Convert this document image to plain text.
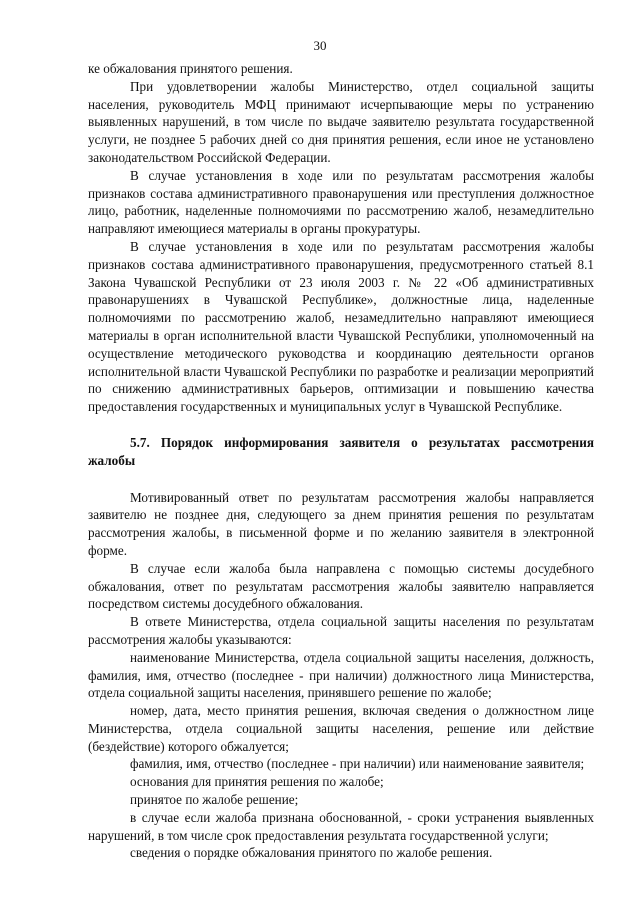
30

ке обжалования принятого решения.

При удовлетворении жалобы Министерство, отдел социальной защиты населения, руководитель МФЦ принимают исчерпывающие меры по устранению выявленных нарушений, в том числе по выдаче заявителю результата государственной услуги, не позднее 5 рабочих дней со дня принятия решения, если иное не установлено законодательством Российской Федерации.

В случае установления в ходе или по результатам рассмотрения жалобы признаков состава административного правонарушения или преступления должностное лицо, работник, наделенные полномочиями по рассмотрению жалоб, незамедлительно направляют имеющиеся материалы в органы прокуратуры.

В случае установления в ходе или по результатам рассмотрения жалобы признаков состава административного правонарушения, предусмотренного статьей 8.1 Закона Чувашской Республики от 23 июля 2003 г. № 22 «Об административных правонарушениях в Чувашской Республике», должностные лица, наделенные полномочиями по рассмотрению жалоб, незамедлительно направляют имеющиеся материалы в орган исполнительной власти Чувашской Республики, уполномоченный на осуществление методического руководства и координацию деятельности органов исполнительной власти Чувашской Республики по разработке и реализации мероприятий по снижению административных барьеров, оптимизации и повышению качества предоставления государственных и муниципальных услуг в Чувашской Республике.

5.7. Порядок информирования заявителя о результатах рассмотрения жалобы

Мотивированный ответ по результатам рассмотрения жалобы направляется заявителю не позднее дня, следующего за днем принятия решения по результатам рассмотрения жалобы, в письменной форме и по желанию заявителя в электронной форме.

В случае если жалоба была направлена с помощью системы досудебного обжалования, ответ по результатам рассмотрения жалобы заявителю направляется посредством системы досудебного обжалования.

В ответе Министерства, отдела социальной защиты населения по результатам рассмотрения жалобы указываются:

наименование Министерства, отдела социальной защиты населения, должность, фамилия, имя, отчество (последнее - при наличии) должностного лица Министерства, отдела социальной защиты населения, принявшего решение по жалобе;

номер, дата, место принятия решения, включая сведения о должностном лице Министерства, отдела социальной защиты населения, решение или действие (бездействие) которого обжалуется;

фамилия, имя, отчество (последнее - при наличии) или наименование заявителя;

основания для принятия решения по жалобе;

принятое по жалобе решение;

в случае если жалоба признана обоснованной, - сроки устранения выявленных нарушений, в том числе срок предоставления результата государственной услуги;

сведения о порядке обжалования принятого по жалобе решения.
